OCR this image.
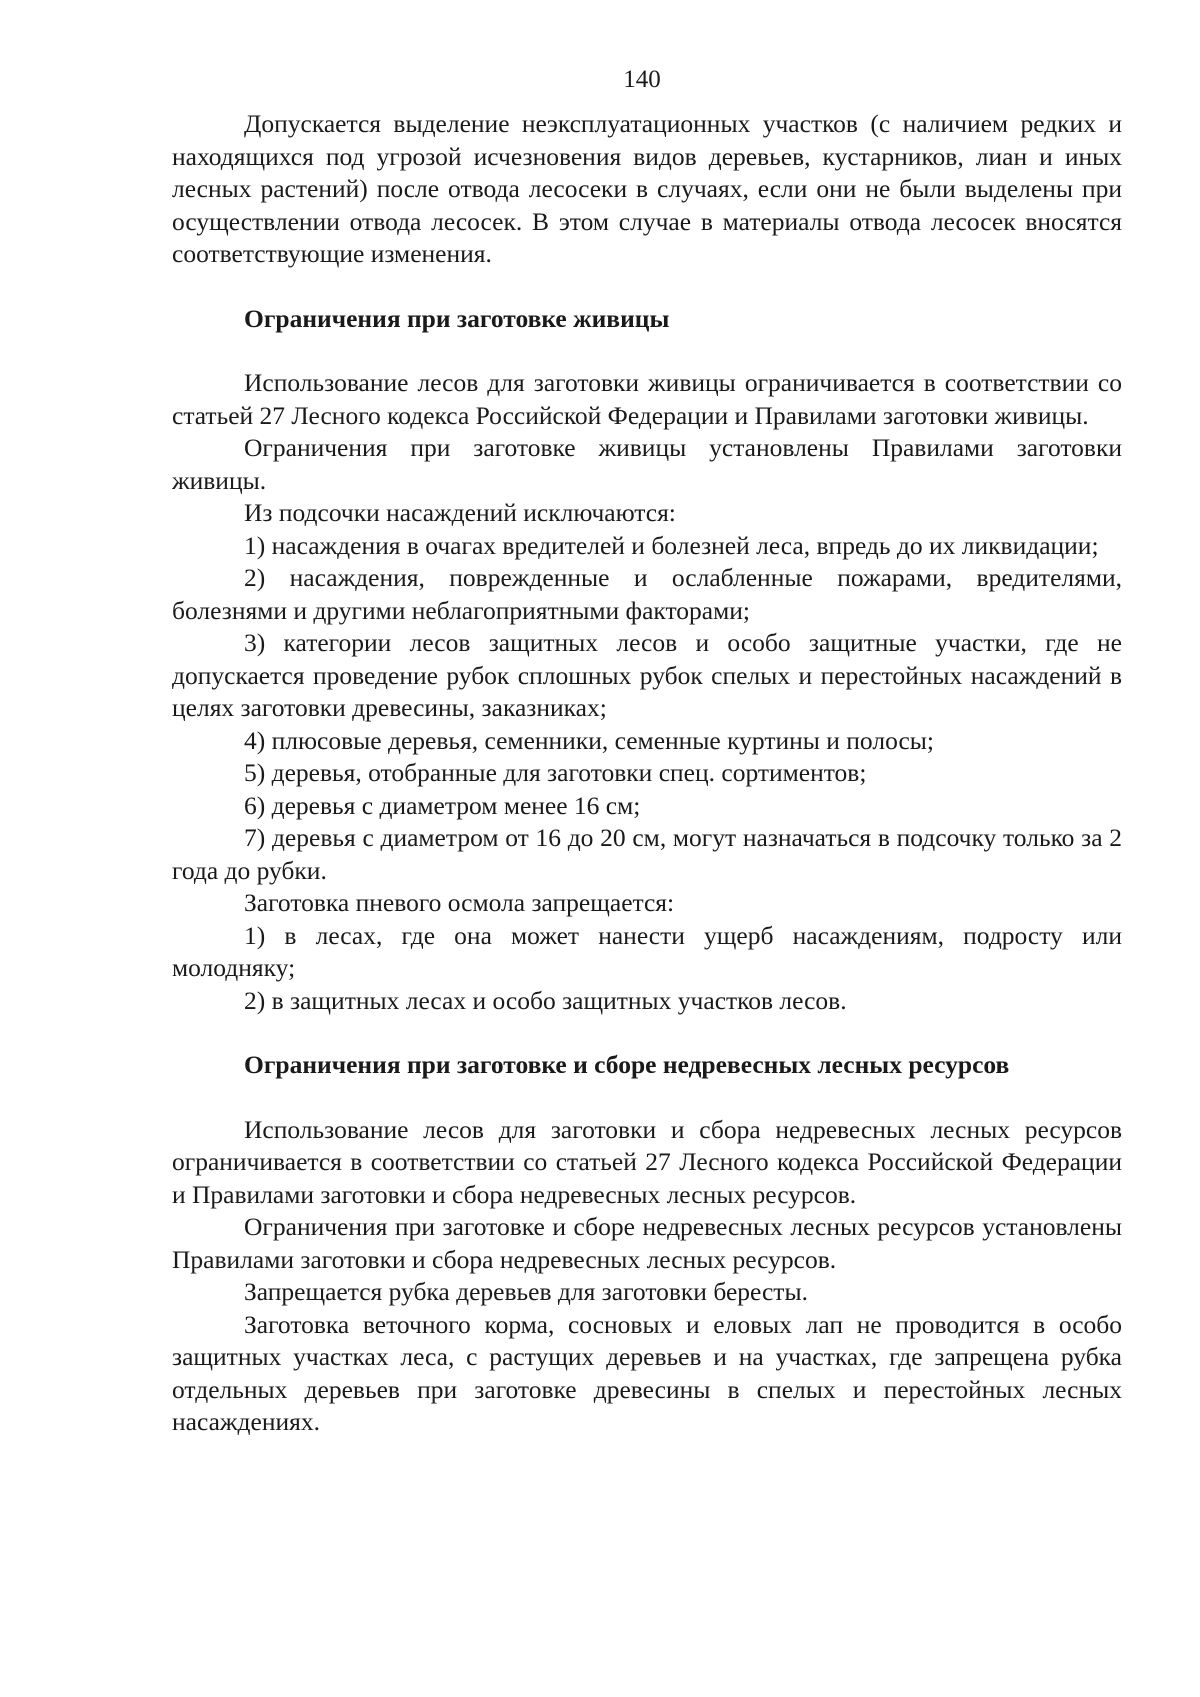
140

Допускается выделение неэксплуатационных участков (с наличием редких и находящихся под угрозой исчезновения видов деревьев, кустарников, лиан и иных лесных растений) после отвода лесосеки в случаях, если они не были выделены при осуществлении отвода лесосек. В этом случае в материалы отвода лесосек вносятся соответствующие изменения.

Ограничения при заготовке живицы

Использование лесов для заготовки живицы ограничивается в соответствии со статьей 27 Лесного кодекса Российской Федерации и Правилами заготовки живицы.

Ограничения при заготовке живицы установлены Правилами заготовки живицы.

Из подсочки насаждений исключаются:

1) насаждения в очагах вредителей и болезней леса, впредь до их ликвидации;

2) насаждения, поврежденные и ослабленные пожарами, вредителями, болезнями и другими неблагоприятными факторами;

3) категории лесов защитных лесов и особо защитные участки, где не допускается проведение рубок сплошных рубок спелых и перестойных насаждений в целях заготовки древесины, заказниках;

4) плюсовые деревья, семенники, семенные куртины и полосы;

5) деревья, отобранные для заготовки спец. сортиментов;

6) деревья с диаметром менее 16 см;

7) деревья с диаметром от 16 до 20 см, могут назначаться в подсочку только за 2 года до рубки.

Заготовка пневого осмола запрещается:

1) в лесах, где она может нанести ущерб насаждениям, подросту или молодняку;

2) в защитных лесах и особо защитных участков лесов.

Ограничения при заготовке и сборе недревесных лесных ресурсов

Использование лесов для заготовки и сбора недревесных лесных ресурсов ограничивается в соответствии со статьей 27 Лесного кодекса Российской Федерации и Правилами заготовки и сбора недревесных лесных ресурсов.

Ограничения при заготовке и сборе недревесных лесных ресурсов установлены Правилами заготовки и сбора недревесных лесных ресурсов.

Запрещается рубка деревьев для заготовки бересты.

Заготовка веточного корма, сосновых и еловых лап не проводится в особо защитных участках леса, с растущих деревьев и на участках, где запрещена рубка отдельных деревьев при заготовке древесины в спелых и перестойных лесных насаждениях.
